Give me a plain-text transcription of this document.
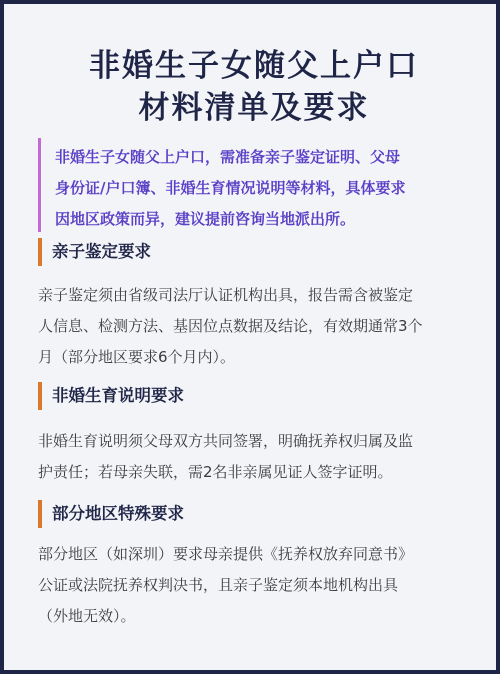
非婚生子女随父上户口
材料清单及要求

非婚生子女随父上户口，需准备亲子鉴定证明、父母

身份证/户口簿、非婚生育情况说明等材料，具体要求

因地区政策而异，建议提前咨询当地派出所。

亲子鉴定要求
亲子鉴定须由省级司法厅认证机构出具，报告需含被鉴定
人信息、检测方法、基因位点数据及结论，有效期通常3个
月（部分地区要求6个月内）。
非婚生育说明要求
非婚生育说明须父母双方共同签署，明确抚养权归属及监
护责任；若母亲失联，需2名非亲属见证人签字证明。
部分地区特殊要求
部分地区（如深圳）要求母亲提供《抚养权放弃同意书》
公证或法院抚养权判决书，且亲子鉴定须本地机构出具
（外地无效）。
